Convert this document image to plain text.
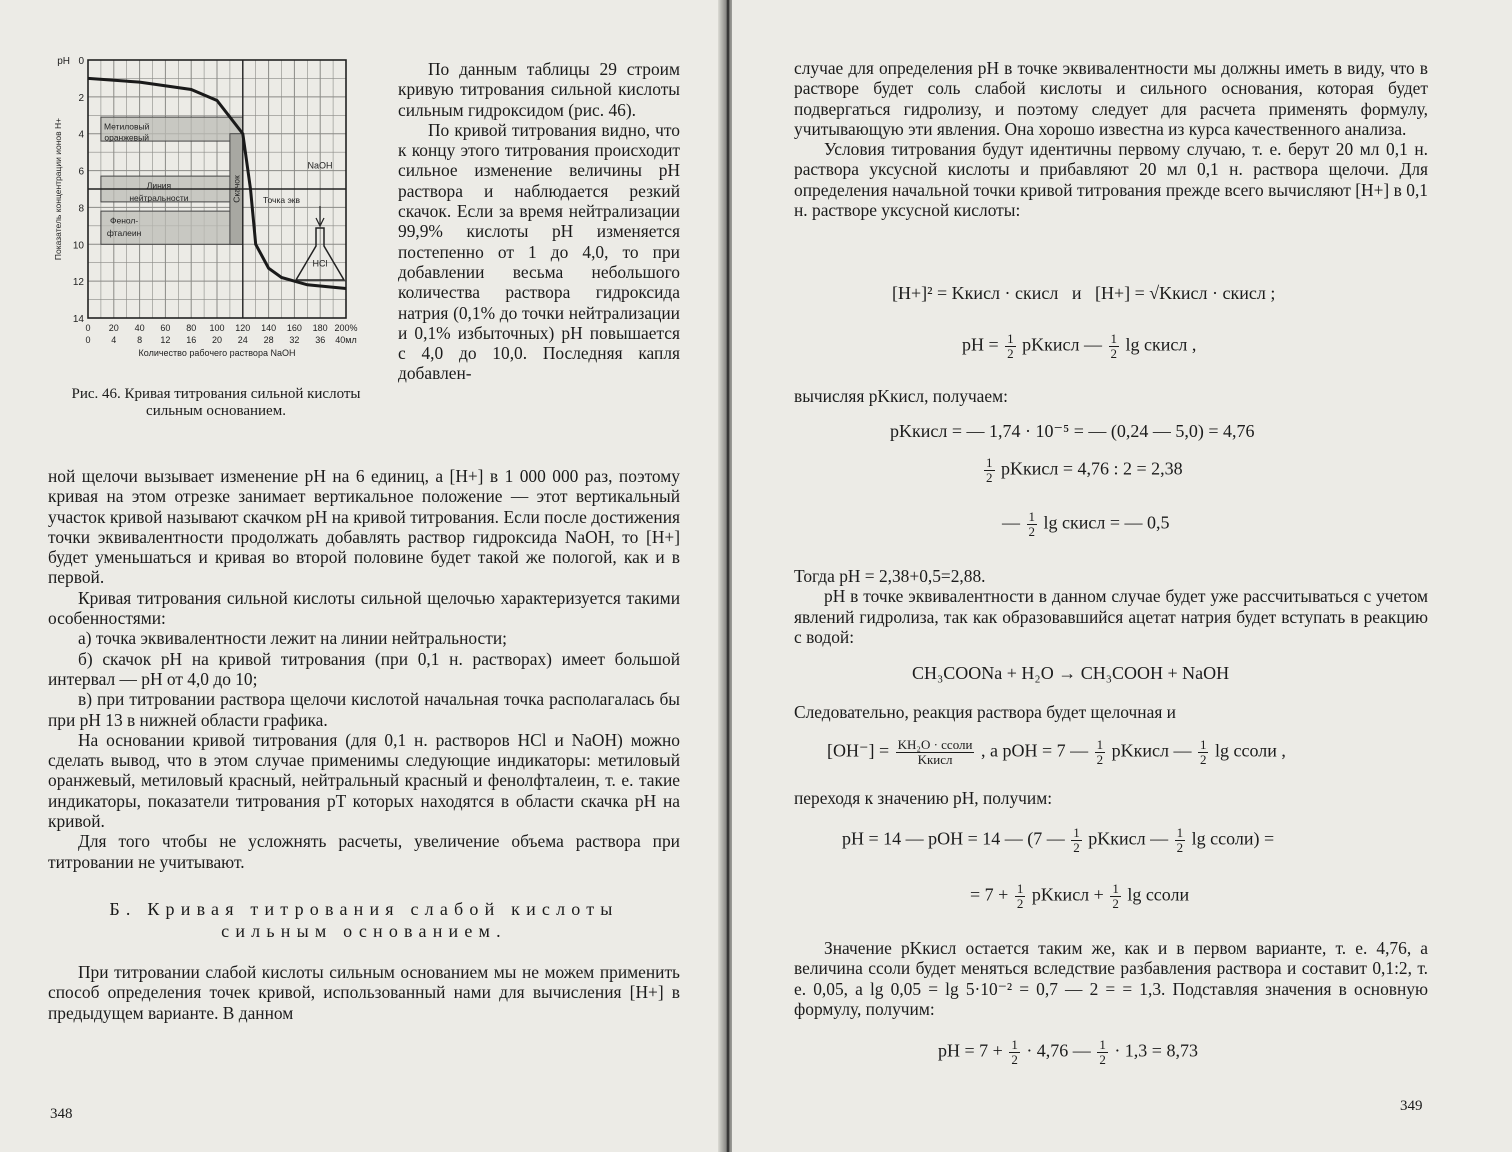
0
2
4
6
8
10
12
14
pH
Показатель концентрации ионов Н+
0 20 40 60 80 100 120 140 160 180 200%
0 4 8 12 16 20 24 28 32 36 40мл
Количество рабочего раствора NaOH
Метиловый
оранжевый
Линия
нейтральности
Фенол-
фталеин
Скачок	Точка экв
NaOH
HCl

Рис. 46. Кривая титрования сильной кислоты сильным основанием.

По данным таблицы 29 строим кривую титрования сильной кислоты сильным гидроксидом (рис. 46).

По кривой титрования видно, что к концу этого титрования происходит сильное изменение величины pH раствора и наблюдается резкий скачок. Если за время нейтрализации 99,9% кислоты pH изменяется постепенно от 1 до 4,0, то при добавлении весьма небольшого количества раствора гидроксида натрия (0,1% до точки нейтрализации и 0,1% избыточных) pH повышается с 4,0 до 10,0. Последняя капля добавлен-

ной щелочи вызывает изменение pH на 6 единиц, а [H+] в 1 000 000 раз, поэтому кривая на этом отрезке занимает вертикальное положение — этот вертикальный участок кривой называют скачком pH на кривой титрования. Если после достижения точки эквивалентности продолжать добавлять раствор гидроксида NaOH, то [H+] будет уменьшаться и кривая во второй половине будет такой же пологой, как и в первой.

Кривая титрования сильной кислоты сильной щелочью характеризуется такими особенностями:

а) точка эквивалентности лежит на линии нейтральности;

б) скачок pH на кривой титрования (при 0,1 н. растворах) имеет большой интервал — pH от 4,0 до 10;

в) при титровании раствора щелочи кислотой начальная точка располагалась бы при pH 13 в нижней области графика.

На основании кривой титрования (для 0,1 н. растворов HCl и NaOH) можно сделать вывод, что в этом случае применимы следующие индикаторы: метиловый оранжевый, метиловый красный, нейтральный красный и фенолфталеин, т. е. такие индикаторы, показатели титрования pT которых находятся в области скачка pH на кривой.

Для того чтобы не усложнять расчеты, увеличение объема раствора при титровании не учитывают.

Б. Кривая титрования слабой кислоты

сильным основанием.

При титровании слабой кислоты сильным основанием мы не можем применить способ определения точек кривой, использованный нами для вычисления [H+] в предыдущем варианте. В данном

348

случае для определения pH в точке эквивалентности мы должны иметь в виду, что в растворе будет соль слабой кислоты и сильного основания, которая будет подвергаться гидролизу, и поэтому следует для расчета применять формулу, учитывающую эти явления. Она хорошо известна из курса качественного анализа.

Условия титрования будут идентичны первому случаю, т. е. берут 20 мл 0,1 н. раствора уксусной кислоты и прибавляют 20 мл 0,1 н. раствора щелочи. Для определения начальной точки кривой титрования прежде всего вычисляют [H+] в 0,1 н. растворе уксусной кислоты:

[H+]² = Kкисл · cкисл и [H+] = √Kкисл · cкисл ;
pH = $\frac{1}{2}$ pKкисл — $\frac{1}{2}$ lg cкисл ,

вычисляя pKкисл, получаем:

pKкисл = — 1,74 · 10⁻⁵ = — (0,24 — 5,0) = 4,76
$\frac{1}{2}$ pKкисл = 4,76 : 2 = 2,38
— $\frac{1}{2}$ lg cкисл = — 0,5

Тогда pH = 2,38+0,5=2,88.

pH в точке эквивалентности в данном случае будет уже рассчитываться с учетом явлений гидролиза, так как образовавшийся ацетат натрия будет вступать в реакцию с водой:

CH₃COONa + H₂O → CH₃COOH + NaOH

Следовательно, реакция раствора будет щелочная и

$[OH^-] = \frac{\text{KH₂O · cсоли}}{\text{Kкисл}}$ , а pOH = 7 — $\frac{1}{2}$ pKкисл — $\frac{1}{2}$ lg cсоли ,

переходя к значению pH, получим:

pH = 14 — pOH = 14 — (7 — $\frac{1}{2}$ pKкисл — $\frac{1}{2}$ lg cсоли) =
= $7 + \frac{1}{2}$ pKкисл + $\frac{1}{2}$ lg cсоли

Значение pKкисл остается таким же, как и в первом варианте, т. е. 4,76, а величина cсоли будет меняться вследствие разбавления раствора и составит 0,1:2, т. е. 0,05, а lg 0,05 = lg 5·10⁻² = 0,7 — 2 = = 1,3. Подставляя значения в основную формулу, получим:

pH = $7 + \frac{1}{2} \cdot 4,76$ — $\frac{1}{2} \cdot 1,3 = 8,73$
349
